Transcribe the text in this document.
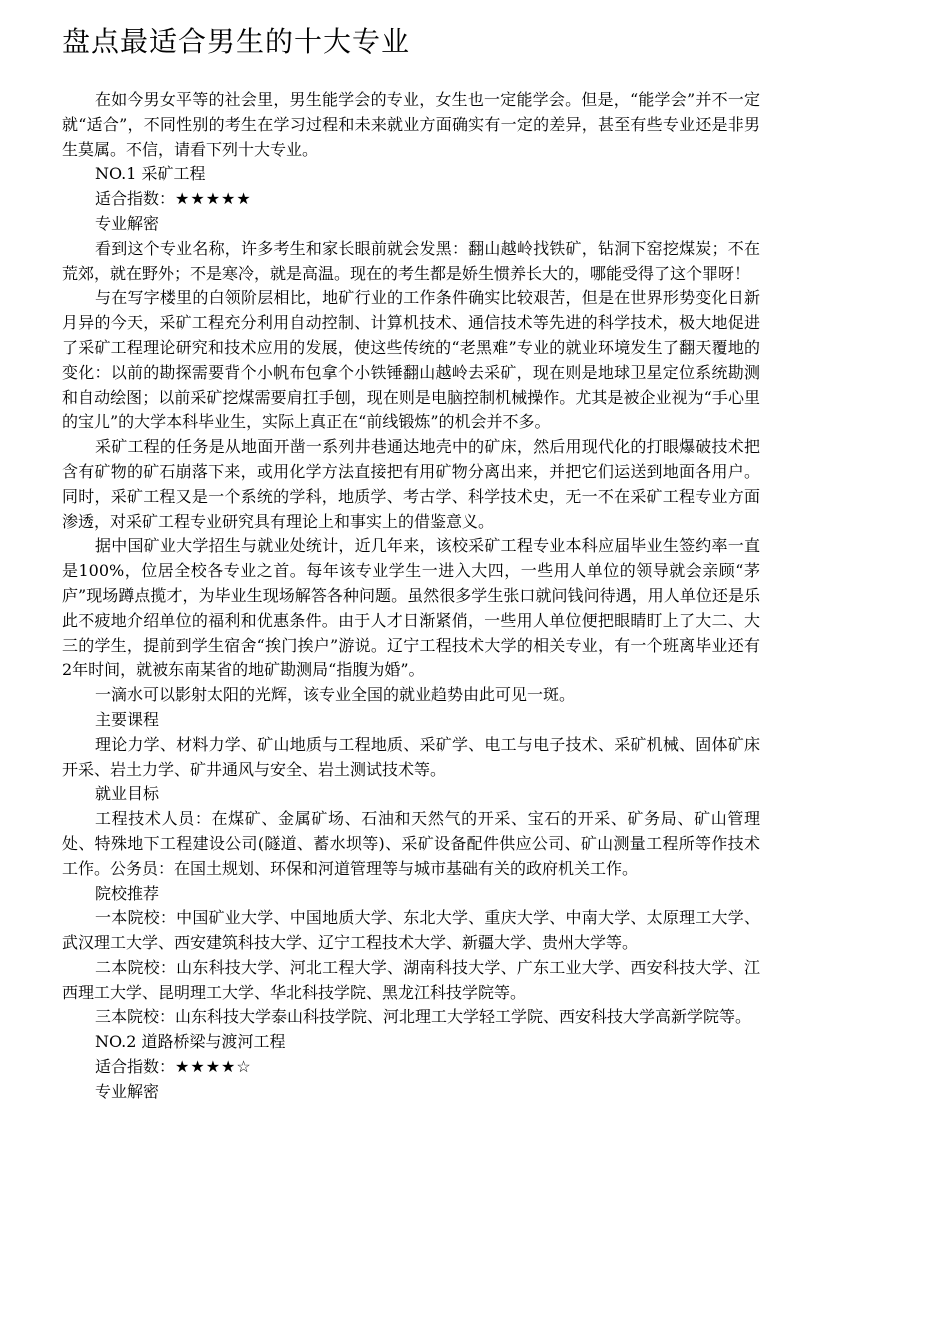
盘点最适合男生的十大专业

在如今男女平等的社会里，男生能学会的专业，女生也一定能学会。但是，“能学会”并不一定就“适合”，不同性别的考生在学习过程和未来就业方面确实有一定的差异，甚至有些专业还是非男生莫属。不信，请看下列十大专业。

NO.1 采矿工程

适合指数：★★★★★

专业解密

看到这个专业名称，许多考生和家长眼前就会发黑：翻山越岭找铁矿，钻洞下窑挖煤炭；不在荒郊，就在野外；不是寒冷，就是高温。现在的考生都是娇生惯养长大的，哪能受得了这个罪呀！

与在写字楼里的白领阶层相比，地矿行业的工作条件确实比较艰苦，但是在世界形势变化日新月异的今天，采矿工程充分利用自动控制、计算机技术、通信技术等先进的科学技术，极大地促进了采矿工程理论研究和技术应用的发展，使这些传统的“老黑难”专业的就业环境发生了翻天覆地的变化：以前的勘探需要背个小帆布包拿个小铁锤翻山越岭去采矿，现在则是地球卫星定位系统勘测和自动绘图；以前采矿挖煤需要肩扛手刨，现在则是电脑控制机械操作。尤其是被企业视为“手心里的宝儿”的大学本科毕业生，实际上真正在“前线锻炼”的机会并不多。

采矿工程的任务是从地面开凿一系列井巷通达地壳中的矿床，然后用现代化的打眼爆破技术把含有矿物的矿石崩落下来，或用化学方法直接把有用矿物分离出来，并把它们运送到地面各用户。同时，采矿工程又是一个系统的学科，地质学、考古学、科学技术史，无一不在采矿工程专业方面渗透，对采矿工程专业研究具有理论上和事实上的借鉴意义。

据中国矿业大学招生与就业处统计，近几年来，该校采矿工程专业本科应届毕业生签约率一直是100%，位居全校各专业之首。每年该专业学生一进入大四，一些用人单位的领导就会亲顾“茅庐”现场蹲点揽才，为毕业生现场解答各种问题。虽然很多学生张口就问钱问待遇，用人单位还是乐此不疲地介绍单位的福利和优惠条件。由于人才日渐紧俏，一些用人单位便把眼睛盯上了大二、大三的学生，提前到学生宿舍“挨门挨户”游说。辽宁工程技术大学的相关专业，有一个班离毕业还有2年时间，就被东南某省的地矿勘测局“指腹为婚”。

一滴水可以影射太阳的光辉，该专业全国的就业趋势由此可见一斑。

主要课程

理论力学、材料力学、矿山地质与工程地质、采矿学、电工与电子技术、采矿机械、固体矿床开采、岩土力学、矿井通风与安全、岩土测试技术等。

就业目标

工程技术人员：在煤矿、金属矿场、石油和天然气的开采、宝石的开采、矿务局、矿山管理处、特殊地下工程建设公司(隧道、蓄水坝等)、采矿设备配件供应公司、矿山测量工程所等作技术工作。公务员：在国土规划、环保和河道管理等与城市基础有关的政府机关工作。

院校推荐

一本院校：中国矿业大学、中国地质大学、东北大学、重庆大学、中南大学、太原理工大学、武汉理工大学、西安建筑科技大学、辽宁工程技术大学、新疆大学、贵州大学等。

二本院校：山东科技大学、河北工程大学、湖南科技大学、广东工业大学、西安科技大学、江西理工大学、昆明理工大学、华北科技学院、黑龙江科技学院等。

三本院校：山东科技大学泰山科技学院、河北理工大学轻工学院、西安科技大学高新学院等。

NO.2 道路桥梁与渡河工程

适合指数：★★★★☆

专业解密
